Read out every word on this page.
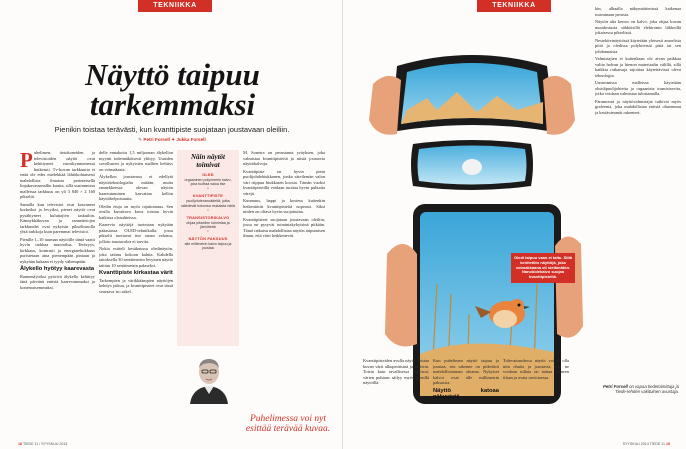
TEKNIIKKA
Näyttö taipuu tarkemmaksi
Pienikin toistaa terävästi, kun kvanttipiste suojataan joustavaan oleiliin.
✎ Petri Forsell ✦ Jukka Forsell

Puhelimen, tietokoneiden ja televisioiden näytöt ovat kehittyneet vuosikymmenessä huikeasti. Tv-kuvan tarkkuutta ei enää ole edes mielekkää lähtökohtaisesti mahdollista ilmaista perinteisellä linjakuvausmallin kautta, sillä uusimmissa malleissa tarkkuus on yli 3 840 × 2 160 pikseliä.

Samalla kun televisiot ovat kasvaneet korkeiksi ja levyiksi, pienet näytöt ovat pysähtyneet kuluttajien taskuihin. Kännykkäkuvan ja rannetietojen tarkkuudet ovat nykyisin pikselitasolla yhtä tarkkoja kuin paremmat televisiot.

Pienille 1–10 tuuman näytöille tämä vaatii hyvin tarkkaa muotoilua. Terävyys, kirkkaus, kontrasti ja energiatehokkuus puristetaan aina pienempään pintaan ja nykyään kukaan ei tyydy vähempään.

Älykello hyötyy kaarevasta

Rannenäytöksi pyörivä älykello kehittyy tänä päivänä entistä kaarevammaksi ja konemaisemmaksi.

delle ennakoitu 1,5 miljoonan älykellon myynti todennäköisesti ylittyy. Uusiden sovellusten ja nykyisten mallien kehitys on voimakasta.

Älykellon joustavuus ei edellytä näyttöteknologialta mitään, mutta rannekkeessa olevan näytön kaareutuminen kasvattaa kellon käyttökelpoisuutta.

Oledin etuja on myös rajattomuus. Sen avulla kuvattava kuva toistuu hyvin kaikissa olosuhteissa.

Kaarevia näyttöjä tuotetaan nykyään pääasiassa OLED-tekniikalla, jossa pikselit tuottavat itse oman valonsa, jolloin taustavaloa ei tarvita.

Nokia esitteli kesäkuussa oledinäytön, joka taittuu kokoon kahtia. Kahdella taitoksella 30 senttimetrin levyinen näyttö taittuu 10 senttimetrin palaseksi.

Kvanttipiste kirkastaa värit

Tarkempien ja värikkäämpien näyttöjen kehitys jatkuu, ja kvanttipisteet ovat tässä seuraava iso askel.

Näin näytöt toimivat
OLED
orgaaninen polymeerin kalvo, joka tuottaa valoa itse
•
KVANTTIPISTE
puolijohdenanokiteitä, jotka säteilevät kokonsa mukaista väriä
•
TRANSISTORIKALVO
ohjaa pikselien toimintaa ja jännitteitä
•
NÄYTÖN PAKSUUS
alle millimetrin kalvo taipuu ja joustaa

M. Sonetra on perustanut yrityksen, joka valmistaa kvanttipisteitä ja niistä joustavia näyttökalvoja.

Kvanttipiste on hyvin pieni puolijohdehiukkanen, jonka säteilemän valon väri riippuu hiukkasen koosta. Tämän vuoksi kvanttipisteillä voidaan tuottaa hyvin puhtaita värejä.

Kuumuus, happi ja kosteus kuitenkin heikentävät kvanttipisteitä nopeasti. Siksi niiden on oltava hyvin suojattuina.

Kvanttipisteet suojataan joustavaan oleiliin, jossa ne pysyvät toimintakykyisinä pitkään. Tämä ratkaisu mahdollistaa näytön taipumisen ilman, että värit heikkenevät.

Puhelimessa voi nyt esittää terävää kuvaa.
18 TIEDE 11 / SYYSKUU 2014
TEKNIIKKA
Oledi taipuu vaan ei taitu. Siitä kehitettiin näyttöjä, joka voimakkaana oli sietämätön. Nanokidekalvo suojaa kvanttipisteitä.

kin, alhaalla näkymättömissä kaikenaa tosiminaan perusta.

Näytön alta kerros on kalvo, joka ohjaa kuvan muodostusta sähköisillä elektronin liikkeillä jokaisessa pikselissä.

Nestekiteinäyttössä käytetään yleisesti amorfista piitä ja oledissa polykiteistä piitä tai sen johdannaisia.

Valmistajien ei kuitenkaan ole aivan paikkaa valita halvan ja hienon materiaalin välillä, sillä kaikkia ratkaisuja rajoittaa käytettävissä oleva teknologia.

Uusimmissa malleissa käytetään oksidipuolijohteita ja orgaanisia transistoreita, jotka voidaan valmistaa tulostamalla.

Paramount ja näyttövalmistajat tutkivat myös grafeenia, joka mahdollistaa entistä ohuemmat ja kestävämmät rakenteet.

Kvanttipisteiden avulla näyttö toistaa kuvan värit alkuperäisinä ja teräviin. Toisin kuin tavallisessa näytössä, värien puhtaus säilyy myös pienillä näytöillä.

Kun puhelimen näyttö taipuu ja joustaa, sen rakenne on pidettävä mahdollisimman ohuena. Nykyiset kalvot ovat alle millimetrin paksuisia.

Näyttö katoaa näkyvistä

Tulevaisuudessa näytöt voivat olla niin ohuita ja joustavia, että ne voidaan rullata tai taittaa pieneen tilaan ja avata tarvittaessa.

Petri Forsell on vapaa tiedetoimittaja ja Tiede-lehden vakituinen avustaja.
SYYSKUU 2014 TIEDE 11 19
